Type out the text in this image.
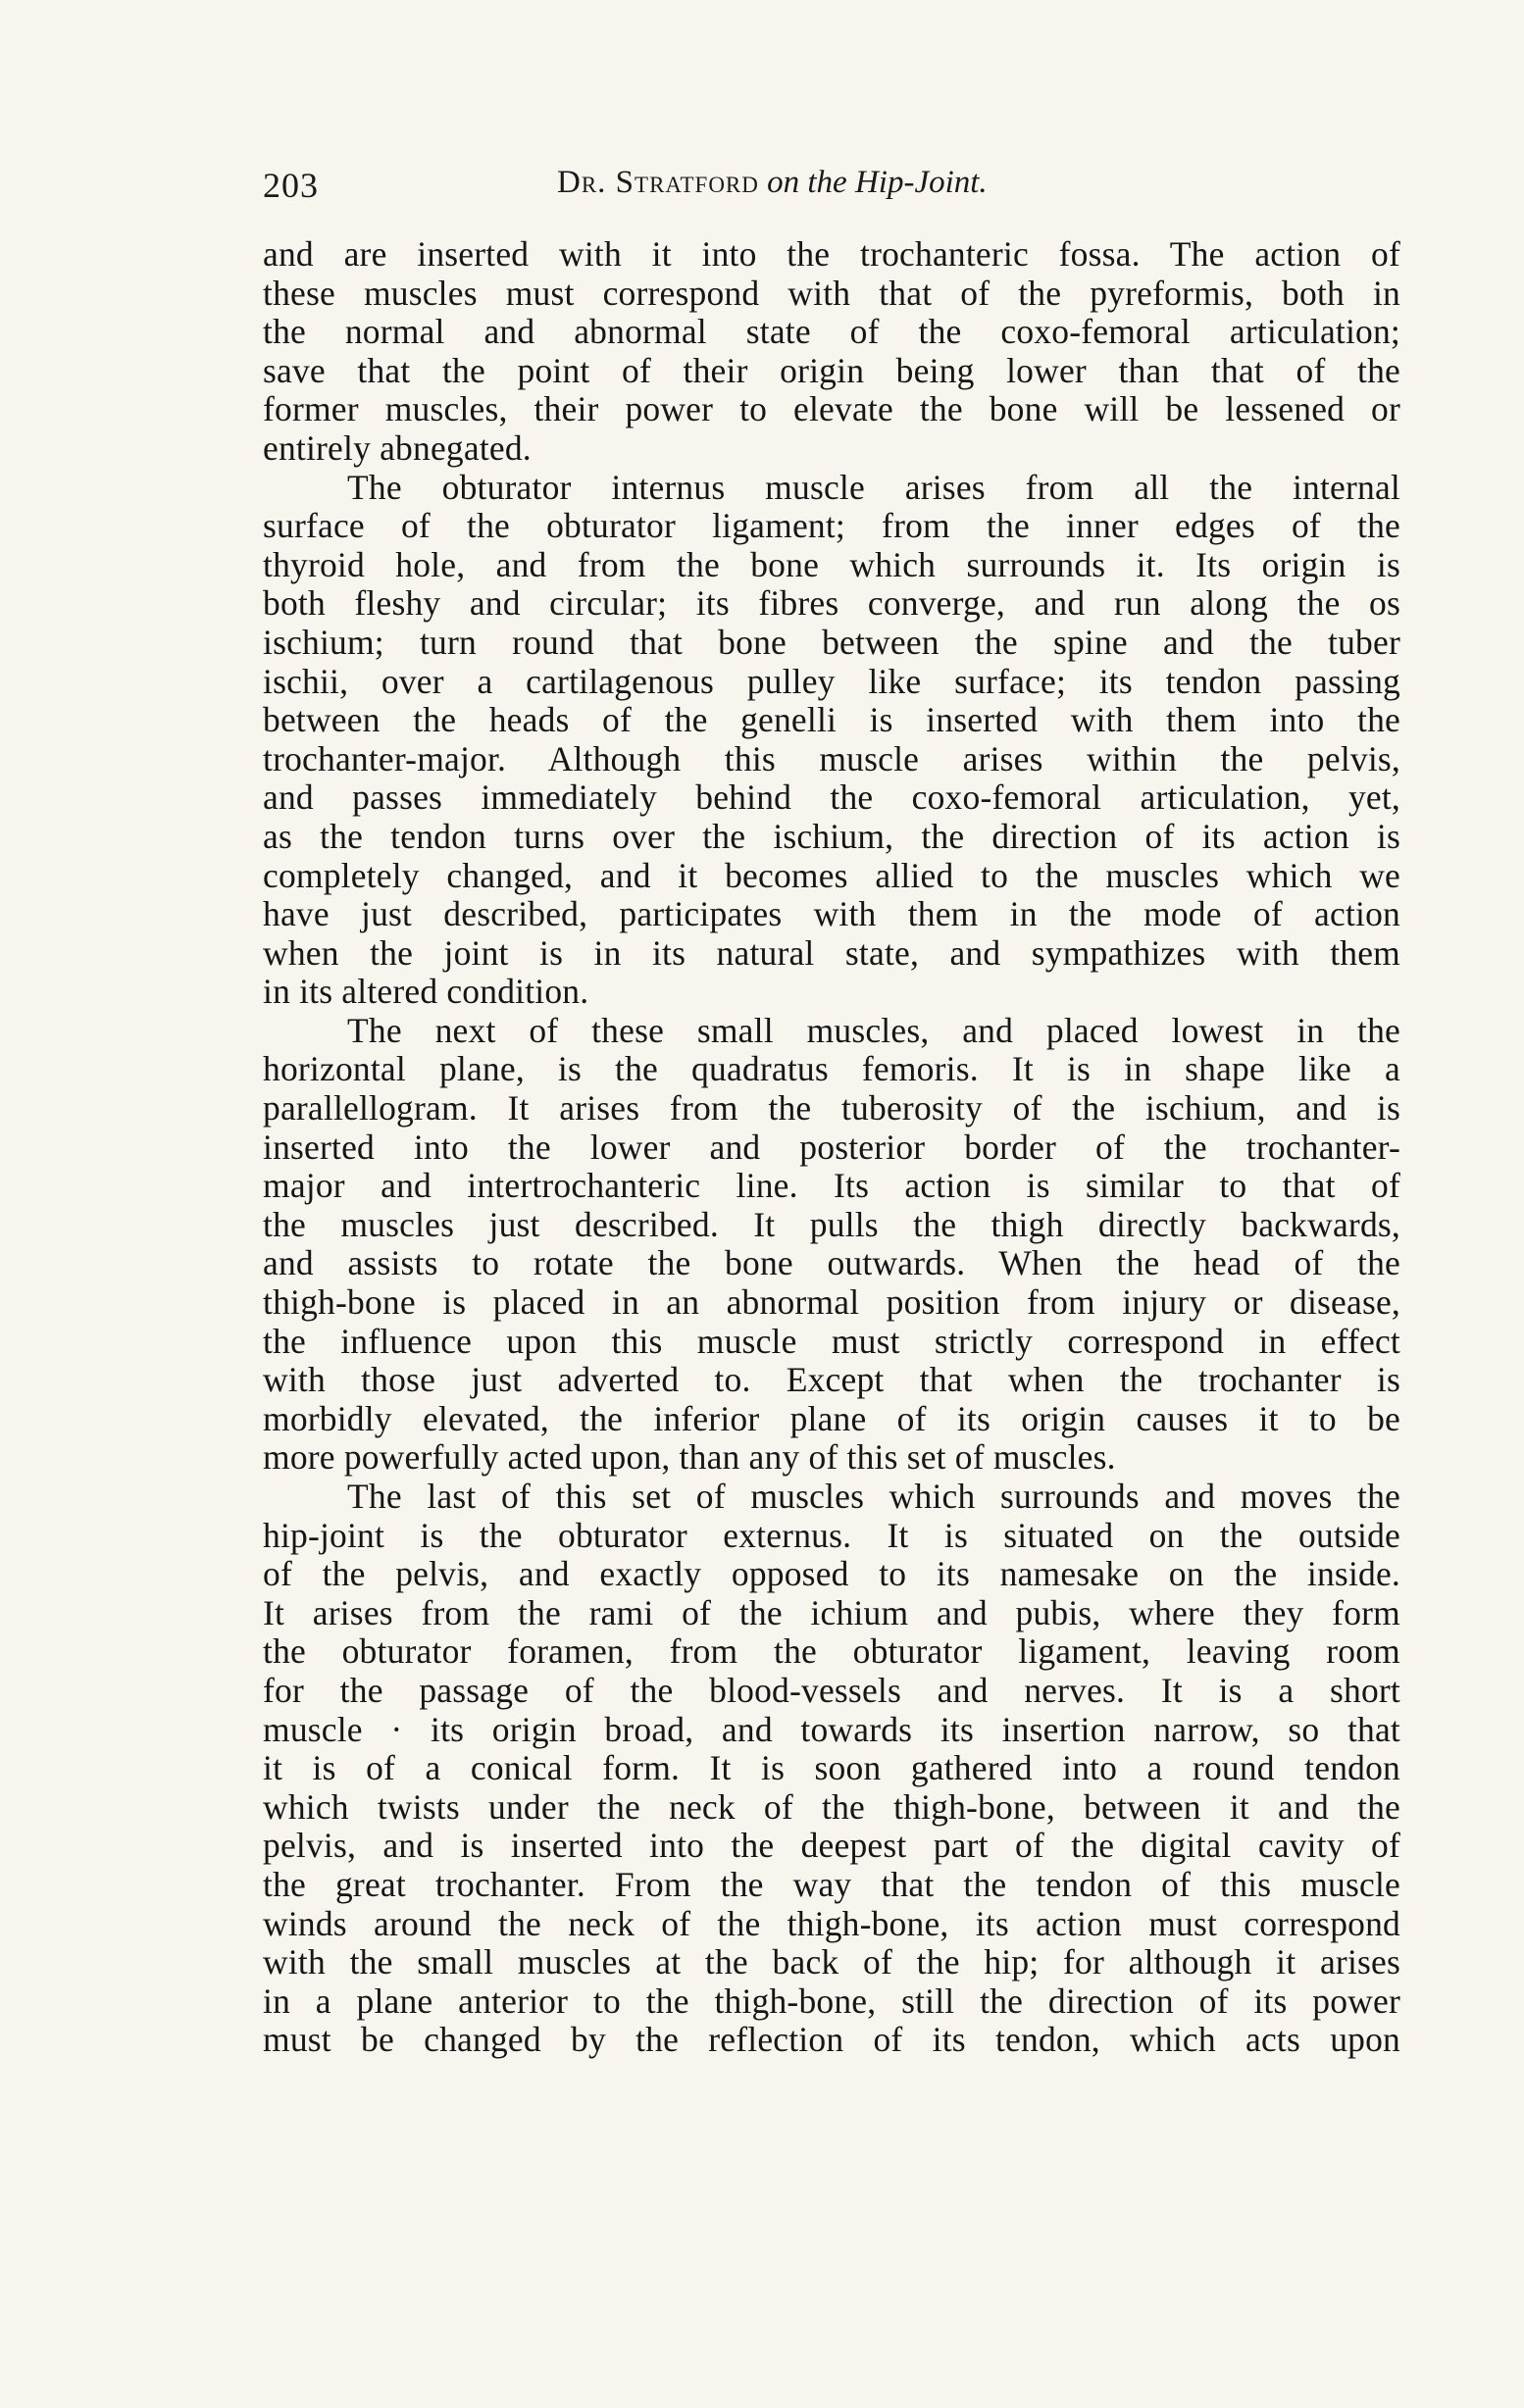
203	Dr. Stratford on the Hip-Joint.
and are inserted with it into the trochanteric fossa. The action of
these muscles must correspond with that of the pyreformis, both in
the normal and abnormal state of the coxo-femoral articulation;
save that the point of their origin being lower than that of the
former muscles, their power to elevate the bone will be lessened or
entirely abnegated.
The obturator internus muscle arises from all the internal
surface of the obturator ligament; from the inner edges of the
thyroid hole, and from the bone which surrounds it. Its origin is
both fleshy and circular; its fibres converge, and run along the os
ischium; turn round that bone between the spine and the tuber
ischii, over a cartilagenous pulley like surface; its tendon passing
between the heads of the genelli is inserted with them into the
trochanter-major. Although this muscle arises within the pelvis,
and passes immediately behind the coxo-femoral articulation, yet,
as the tendon turns over the ischium, the direction of its action is
completely changed, and it becomes allied to the muscles which we
have just described, participates with them in the mode of action
when the joint is in its natural state, and sympathizes with them
in its altered condition.
The next of these small muscles, and placed lowest in the
horizontal plane, is the quadratus femoris. It is in shape like a
parallellogram. It arises from the tuberosity of the ischium, and is
inserted into the lower and posterior border of the trochanter-
major and intertrochanteric line. Its action is similar to that of
the muscles just described. It pulls the thigh directly backwards,
and assists to rotate the bone outwards. When the head of the
thigh-bone is placed in an abnormal position from injury or disease,
the influence upon this muscle must strictly correspond in effect
with those just adverted to. Except that when the trochanter is
morbidly elevated, the inferior plane of its origin causes it to be
more powerfully acted upon, than any of this set of muscles.
The last of this set of muscles which surrounds and moves the
hip-joint is the obturator externus. It is situated on the outside
of the pelvis, and exactly opposed to its namesake on the inside.
It arises from the rami of the ichium and pubis, where they form
the obturator foramen, from the obturator ligament, leaving room
for the passage of the blood-vessels and nerves. It is a short
muscle · its origin broad, and towards its insertion narrow, so that
it is of a conical form. It is soon gathered into a round tendon
which twists under the neck of the thigh-bone, between it and the
pelvis, and is inserted into the deepest part of the digital cavity of
the great trochanter. From the way that the tendon of this muscle
winds around the neck of the thigh-bone, its action must correspond
with the small muscles at the back of the hip; for although it arises
in a plane anterior to the thigh-bone, still the direction of its power
must be changed by the reflection of its tendon, which acts upon
